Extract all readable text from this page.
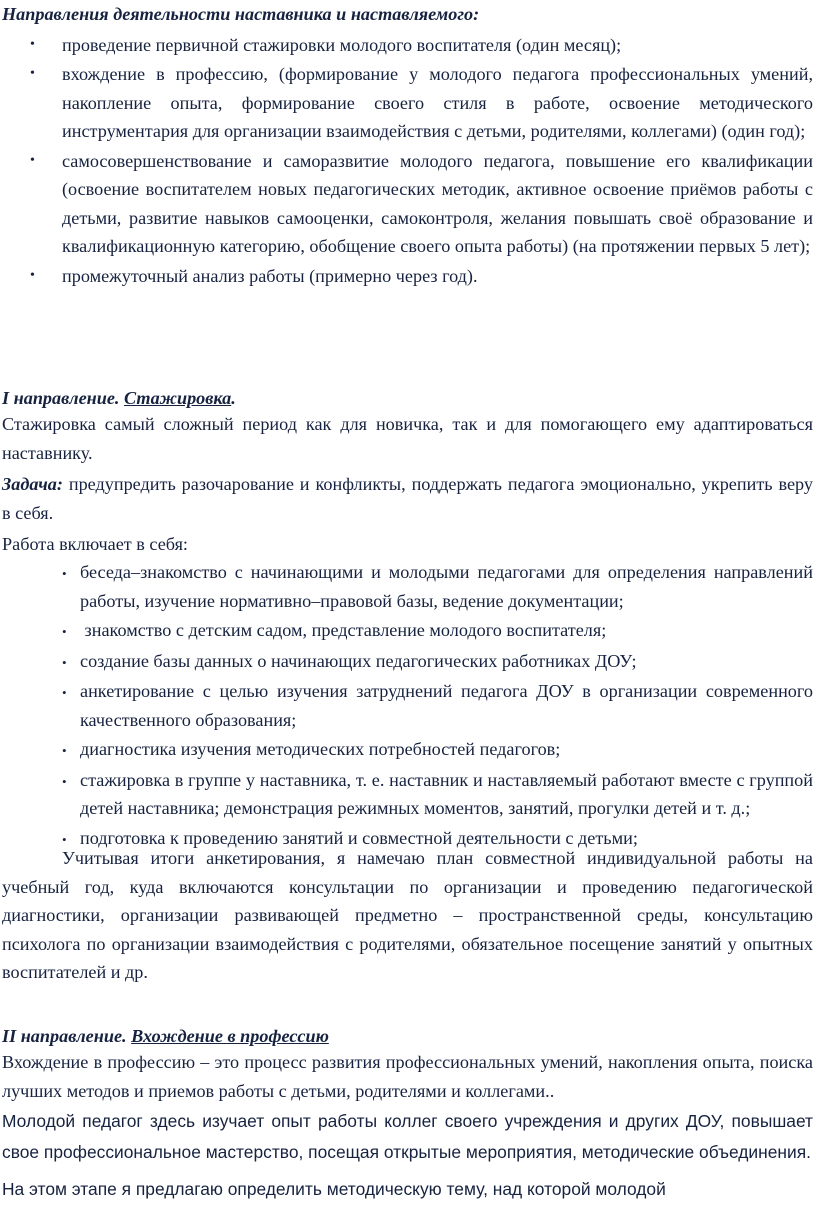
Направления деятельности наставника и наставляемого:
• проведение первичной стажировки молодого воспитателя (один месяц);
• вхождение в профессию, (формирование у молодого педагога профессиональных умений, накопление опыта, формирование своего стиля в работе, освоение методического инструментария для организации взаимодействия с детьми, родителями, коллегами) (один год);
• самосовершенствование и саморазвитие молодого педагога, повышение его квалификации (освоение воспитателем новых педагогических методик, активное освоение приёмов работы с детьми, развитие навыков самооценки, самоконтроля, желания повышать своё образование и квалификационную категорию, обобщение своего опыта работы) (на протяжении первых 5 лет);
• промежуточный анализ работы (примерно через год).
I направление. Стажировка.

Стажировка самый сложный период как для новичка, так и для помогающего ему адаптироваться наставнику.

Задача: предупредить разочарование и конфликты, поддержать педагога эмоционально, укрепить веру в себя.

Работа включает в себя:

• беседа–знакомство с начинающими и молодыми педагогами для определения направлений работы, изучение нормативно–правовой базы, ведение документации;
• знакомство с детским садом, представление молодого воспитателя;
• создание базы данных о начинающих педагогических работниках ДОУ;
• анкетирование с целью изучения затруднений педагога ДОУ в организации современного качественного образования;
• диагностика изучения методических потребностей педагогов;
• стажировка в группе у наставника, т. е. наставник и наставляемый работают вместе с группой детей наставника; демонстрация режимных моментов, занятий, прогулки детей и т. д.;
• подготовка к проведению занятий и совместной деятельности с детьми;

Учитывая итоги анкетирования, я намечаю план совместной индивидуальной работы на учебный год, куда включаются консультации по организации и проведению педагогической диагностики, организации развивающей предметно – пространственной среды, консультацию психолога по организации взаимодействия с родителями, обязательное посещение занятий у опытных воспитателей и др.

II направление. Вхождение в профессию

Вхождение в профессию – это процесс развития профессиональных умений, накопления опыта, поиска лучших методов и приемов работы с детьми, родителями и коллегами..

Молодой педагог здесь изучает опыт работы коллег своего учреждения и других ДОУ, повышает свое профессиональное мастерство, посещая открытые мероприятия, методические объединения.

На этом этапе я предлагаю определить методическую тему, над которой молодой
